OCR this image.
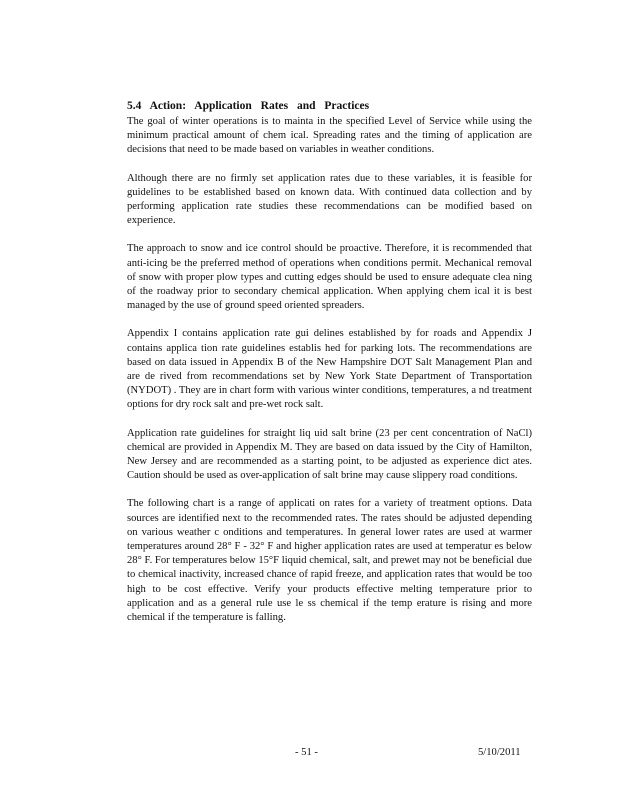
5.4 Action: Application Rates and Practices

The goal of winter operations is to mainta in the specified Level of Service while using the minimum practical amount of chem ical. Spreading rates and the timing of application are decisions that need to be made based on variables in weather conditions.

Although there are no firmly set application rates due to these variables, it is feasible for guidelines to be established based on known data. With continued data collection and by performing application rate studies these recommendations can be modified based on experience.

The approach to snow and ice control should be proactive. Therefore, it is recommended that anti-icing be the preferred method of operations when conditions permit. Mechanical removal of snow with proper plow types and cutting edges should be used to ensure adequate clea ning of the roadway prior to secondary chemical application. When applying chem ical it is best managed by the use of ground speed oriented spreaders.

Appendix I contains application rate gui delines established by for roads and Appendix J contains applica tion rate guidelines establis hed for parking lots. The recommendations are based on data issued in Appendix B of the New Hampshire DOT Salt Management Plan and are de rived from recommendations set by New York State Department of Transportation (NYDOT) . They are in chart form with various winter conditions, temperatures, a nd treatment options for dry rock salt and pre-wet rock salt.

Application rate guidelines for straight liq uid salt brine (23 per cent concentration of NaCl) chemical are provided in Appendix M. They are based on data issued by the City of Hamilton, New Jersey and are recommended as a starting point, to be adjusted as experience dict ates. Caution should be used as over-application of salt brine may cause slippery road conditions.

The following chart is a range of applicati on rates for a variety of treatment options. Data sources are identified next to the recommended rates. The rates should be adjusted depending on various weather c onditions and temperatures. In general lower rates are used at warmer temperatures around 28° F - 32° F and higher application rates are used at temperatur es below 28° F. For temperatures below 15°F liquid chemical, salt, and prewet may not be beneficial due to chemical inactivity, increased chance of rapid freeze, and application rates that would be too high to be cost effective. Verify your products effective melting temperature prior to application and as a general rule use le ss chemical if the temp erature is rising and more chemical if the temperature is falling.

- 51 -	5/10/2011
